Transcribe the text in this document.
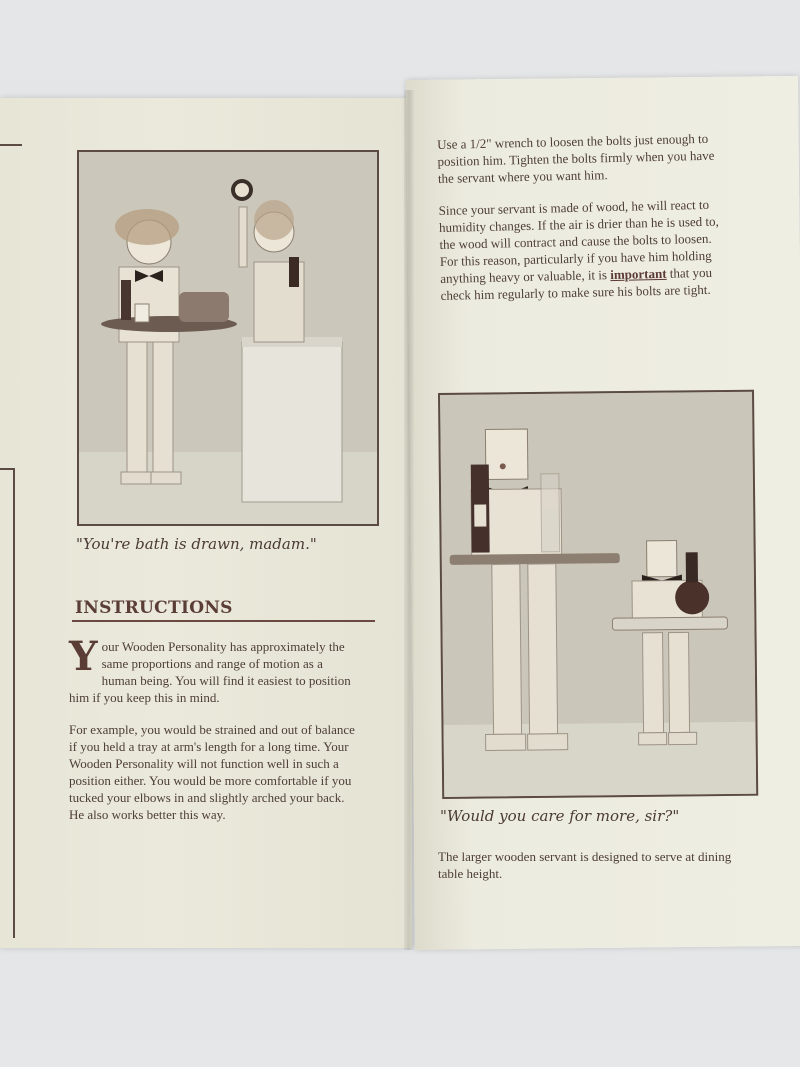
"You're bath is drawn, madam."
INSTRUCTIONS

Your Wooden Personality has approximately the same proportions and range of motion as a human being. You will find it easiest to position him if you keep this in mind.

For example, you would be strained and out of balance if you held a tray at arm's length for a long time. Your Wooden Personality will not function well in such a position either. You would be more comfortable if you tucked your elbows in and slightly arched your back. He also works better this way.

Use a 1/2" wrench to loosen the bolts just enough to position him. Tighten the bolts firmly when you have the servant where you want him.

Since your servant is made of wood, he will react to humidity changes. If the air is drier than he is used to, the wood will contract and cause the bolts to loosen. For this reason, particularly if you have him holding anything heavy or valuable, it is important that you check him regularly to make sure his bolts are tight.

"Would you care for more, sir?"
The larger wooden servant is designed to serve at dining table height.
